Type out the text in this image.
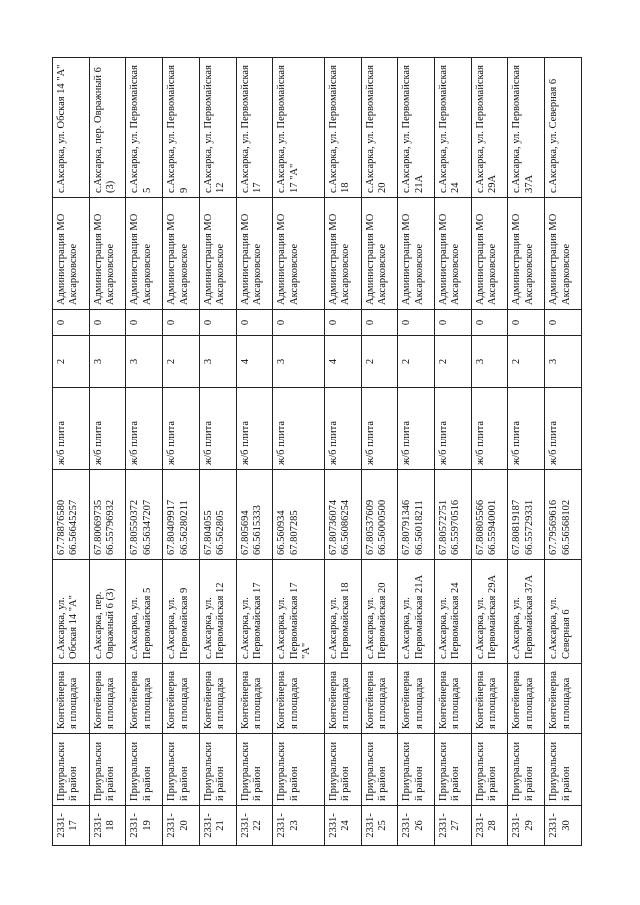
2331-17	Приуральский район	Контейнерная площадка	с.Аксарка, ул. Обская 14 "А"	67.78876580 66.56645257	ж/б плита	2	0	Администрация МО Аксарковское	с.Аксарка, ул. Обская 14 "А"
2331-18	Приуральский район	Контейнерная площадка	с.Аксарка, пер. Оврaжный 6 (3)	67.80069735 66.55796932	ж/б плита	3	0	Администрация МО Аксарковское	с.Аксарка, пер. Овражный 6 (3)
2331-19	Приуральский район	Контейнерная площадка	с.Аксарка, ул. Первомайская 5	67.80550372 66.56347207	ж/б плита	3	0	Администрация МО Аксарковское	с.Аксарка, ул. Первомайская 5
2331-20	Приуральский район	Контейнерная площадка	с.Аксарка, ул. Первомайская 9	67.80409917 66.56280211	ж/б плита	2	0	Администрация МО Аксарковское	с.Аксарка, ул. Первомайская 9
2331-21	Приуральский район	Контейнерная площадка	с.Аксарка, ул. Первомайская 12	67.804055 66.562805	ж/б плита	3	0	Администрация МО Аксарковское	с.Аксарка, ул. Первомайская 12
2331-22	Приуральский район	Контейнерная площадка	с.Аксарка, ул. Первомайская 17	67.805694 66.5615333	ж/б плита	4	0	Администрация МО Аксарковское	с.Аксарка, ул. Первомайская 17
2331-23	Приуральский район	Контейнерная площадка	с.Аксарка, ул. Первомайская 17 "А"	66.560934 67.807285	ж/б плита	3	0	Администрация МО Аксарковское	с.Аксарка, ул. Первомайская 17 "А"
2331-24	Приуральский район	Контейнерная площадка	с.Аксарка, ул. Первомайская 18	67.80736074 66.56086254	ж/б плита	4	0	Администрация МО Аксарковское	с.Аксарка, ул. Первомайская 18
2331-25	Приуральский район	Контейнерная площадка	с.Аксарка, ул. Первомайская 20	67.80537609 66.56000500	ж/б плита	2	0	Администрация МО Аксарковское	с.Аксарка, ул. Первомайская 20
2331-26	Приуральский район	Контейнерная площадка	с.Аксарка, ул. Первомайская 21А	67.80791346 66.56018211	ж/б плита	2	0	Администрация МО Аксарковское	с.Аксарка, ул. Первомайская 21А
2331-27	Приуральский район	Контейнерная площадка	с.Аксарка, ул. Первомайская 24	67.80572751 66.55970516	ж/б плита	2	0	Администрация МО Аксарковское	с.Аксарка, ул. Первомайская 24
2331-28	Приуральский район	Контейнерная площадка	с.Аксарка, ул. Первомайская 29А	67.80805566 66.55940001	ж/б плита	3	0	Администрация МО Аксарковское	с.Аксарка, ул. Первомайская 29А
2331-29	Приуральский район	Контейнерная площадка	с.Аксарка, ул. Первомайская 37А	67.80819187 66.55729331	ж/б плита	2	0	Администрация МО Аксарковское	с.Аксарка, ул. Первомайская 37А
2331-30	Приуральский район	Контейнерная площадка	с.Аксарка, ул. Северная 6	67.79569616 66.56568102	ж/б плита	3	0	Администрация МО Аксарковское	с.Аксарка, ул. Северная 6
